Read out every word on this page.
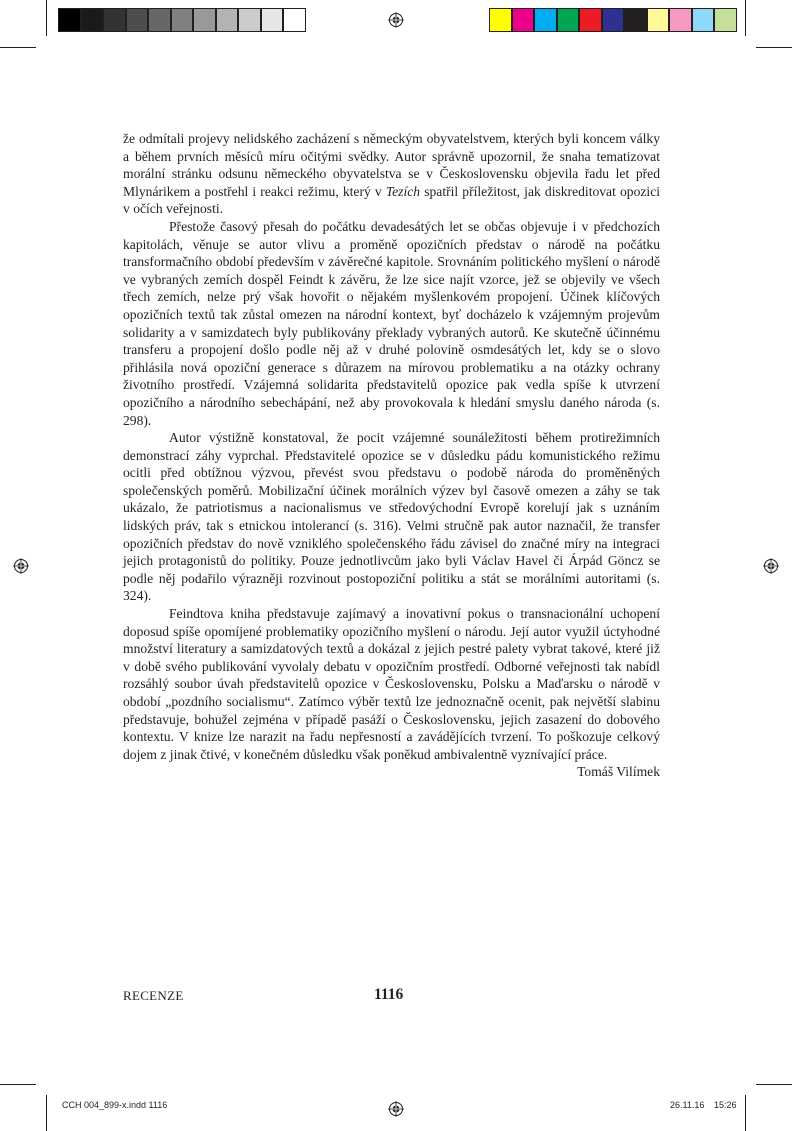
že odmítali projevy nelidského zacházení s německým obyvatelstvem, kterých byli koncem války a během prvních měsíců míru očitými svědky. Autor správně upozornil, že snaha tematizovat morální stránku odsunu německého obyvatelstva se v Československu objevila řadu let před Mlynárikem a postřehl i reakci režimu, který v Tezích spatřil příležitost, jak diskreditovat opozici v očích veřejnosti.

Přestože časový přesah do počátku devadesátých let se občas objevuje i v předchozích kapitolách, věnuje se autor vlivu a proměně opozičních představ o národě na počátku transformačního období především v závěrečné kapitole. Srovnáním politického myšlení o národě ve vybraných zemích dospěl Feindt k závěru, že lze sice najít vzorce, jež se objevily ve všech třech zemích, nelze prý však hovořit o nějakém myšlenkovém propojení. Účinek klíčových opozičních textů tak zůstal omezen na národní kontext, byť docházelo k vzájemným projevům solidarity a v samizdatech byly publikovány překlady vybraných autorů. Ke skutečně účinnému transferu a propojení došlo podle něj až v druhé polovině osmdesátých let, kdy se o slovo přihlásila nová opoziční generace s důrazem na mírovou problematiku a na otázky ochrany životního prostředí. Vzájemná solidarita představitelů opozice pak vedla spíše k utvrzení opozičního a národního sebechápání, než aby provokovala k hledání smyslu daného národa (s. 298).

Autor výstižně konstatoval, že pocit vzájemné sounáležitosti během protirežimních demonstrací záhy vyprchal. Představitelé opozice se v důsledku pádu komunistického režimu ocitli před obtížnou výzvou, převést svou představu o podobě národa do proměněných společenských poměrů. Mobilizační účinek morálních výzev byl časově omezen a záhy se tak ukázalo, že patriotismus a nacionalismus ve středovýchodní Evropě korelují jak s uznáním lidských práv, tak s etnickou intolerancí (s. 316). Velmi stručně pak autor naznačil, že transfer opozičních představ do nově vzniklého společenského řádu závisel do značné míry na integraci jejich protagonistů do politiky. Pouze jednotlivcům jako byli Václav Havel či Árpád Göncz se podle něj podařilo výrazněji rozvinout postopoziční politiku a stát se morálními autoritami (s. 324).

Feindtova kniha představuje zajímavý a inovativní pokus o transnacionální uchopení doposud spíše opomíjené problematiky opozičního myšlení o národu. Její autor využil úctyhodné množství literatury a samizdatových textů a dokázal z jejich pestré palety vybrat takové, které již v době svého publikování vyvolaly debatu v opozičním prostředí. Odborné veřejnosti tak nabídl rozsáhlý soubor úvah představitelů opozice v Československu, Polsku a Maďarsku o národě v období „pozdního socialismu“. Zatímco výběr textů lze jednoznačně ocenit, pak největší slabinu představuje, bohužel zejména v případě pasáží o Československu, jejich zasazení do dobového kontextu. V knize lze narazit na řadu nepřesností a zavádějících tvrzení. To poškozuje celkový dojem z jinak čtivé, v konečném důsledku však poněkud ambivalentně vyznívající práce.

Tomáš Vilímek

RECENZE	1116
CCH 004_899-x.indd 1116	26.11.16 15:26
